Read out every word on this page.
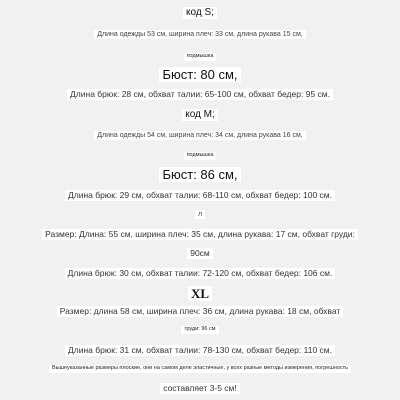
код S;
Длина одежды 53 см, ширина плеч: 33 см, длина рукава 15 см,
подмышка
Бюст: 80 см,
Длина брюк: 28 см, обхват талии: 65-100 см, обхват бедер: 95 см.
код М;
Длина одежды 54 см, ширина плеч: 34 см, длина рукава 16 см,
подмышка
Бюст: 86 см,
Длина брюк: 29 см, обхват талии: 68-110 см, обхват бедер: 100 см.
л
Размер: Длина: 55 см, ширина плеч: 35 см, длина рукава: 17 см, обхват груди:
90см
Длина брюк: 30 см, обхват талии: 72-120 см, обхват бедер: 106 см.
XL
Размер: длина 58 см, ширина плеч: 36 см, длина рукава: 18 см, обхват
груди: 96 см
Длина брюк: 31 см, обхват талии: 78-130 см, обхват бедер: 110 см.
Вышеуказанные размеры плоские, они на самом деле эластичные, у всех разные методы измерения, погрешность
составляет 3-5 см!
